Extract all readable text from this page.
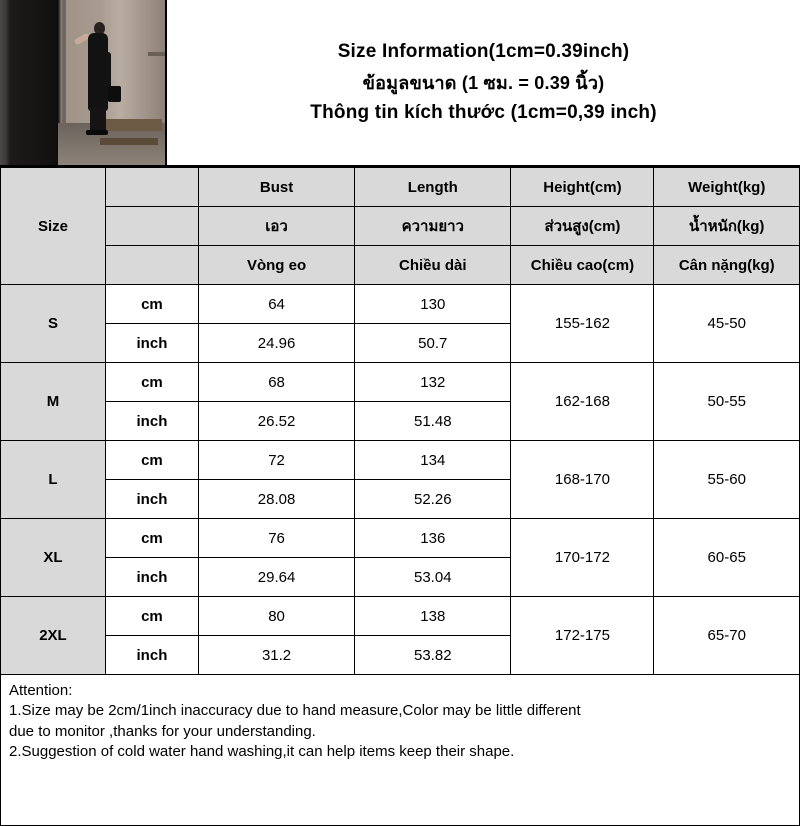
Size Information(1cm=0.39inch)
ข้อมูลขนาด (1 ซม. = 0.39 นิ้ว)
Thông tin kích thước (1cm=0,39 inch)
Size		Bust	Length	Height(cm)	Weight(kg)
		เอว	ความยาว	ส่วนสูง(cm)	น้ำหนัก(kg)
		Vòng eo	Chiều dài	Chiều cao(cm)	Cân nặng(kg)
S	cm	64	130	155-162	45-50
	inch	24.96	50.7		
M	cm	68	132	162-168	50-55
	inch	26.52	51.48		
L	cm	72	134	168-170	55-60
	inch	28.08	52.26		
XL	cm	76	136	170-172	60-65
	inch	29.64	53.04		
2XL	cm	80	138	172-175	65-70
	inch	31.2	53.82		

Attention:

1.Size may be 2cm/1inch inaccuracy due to hand measure,Color may be little different

due to monitor ,thanks for your understanding.

2.Suggestion of cold water hand washing,it can help items keep their shape.
